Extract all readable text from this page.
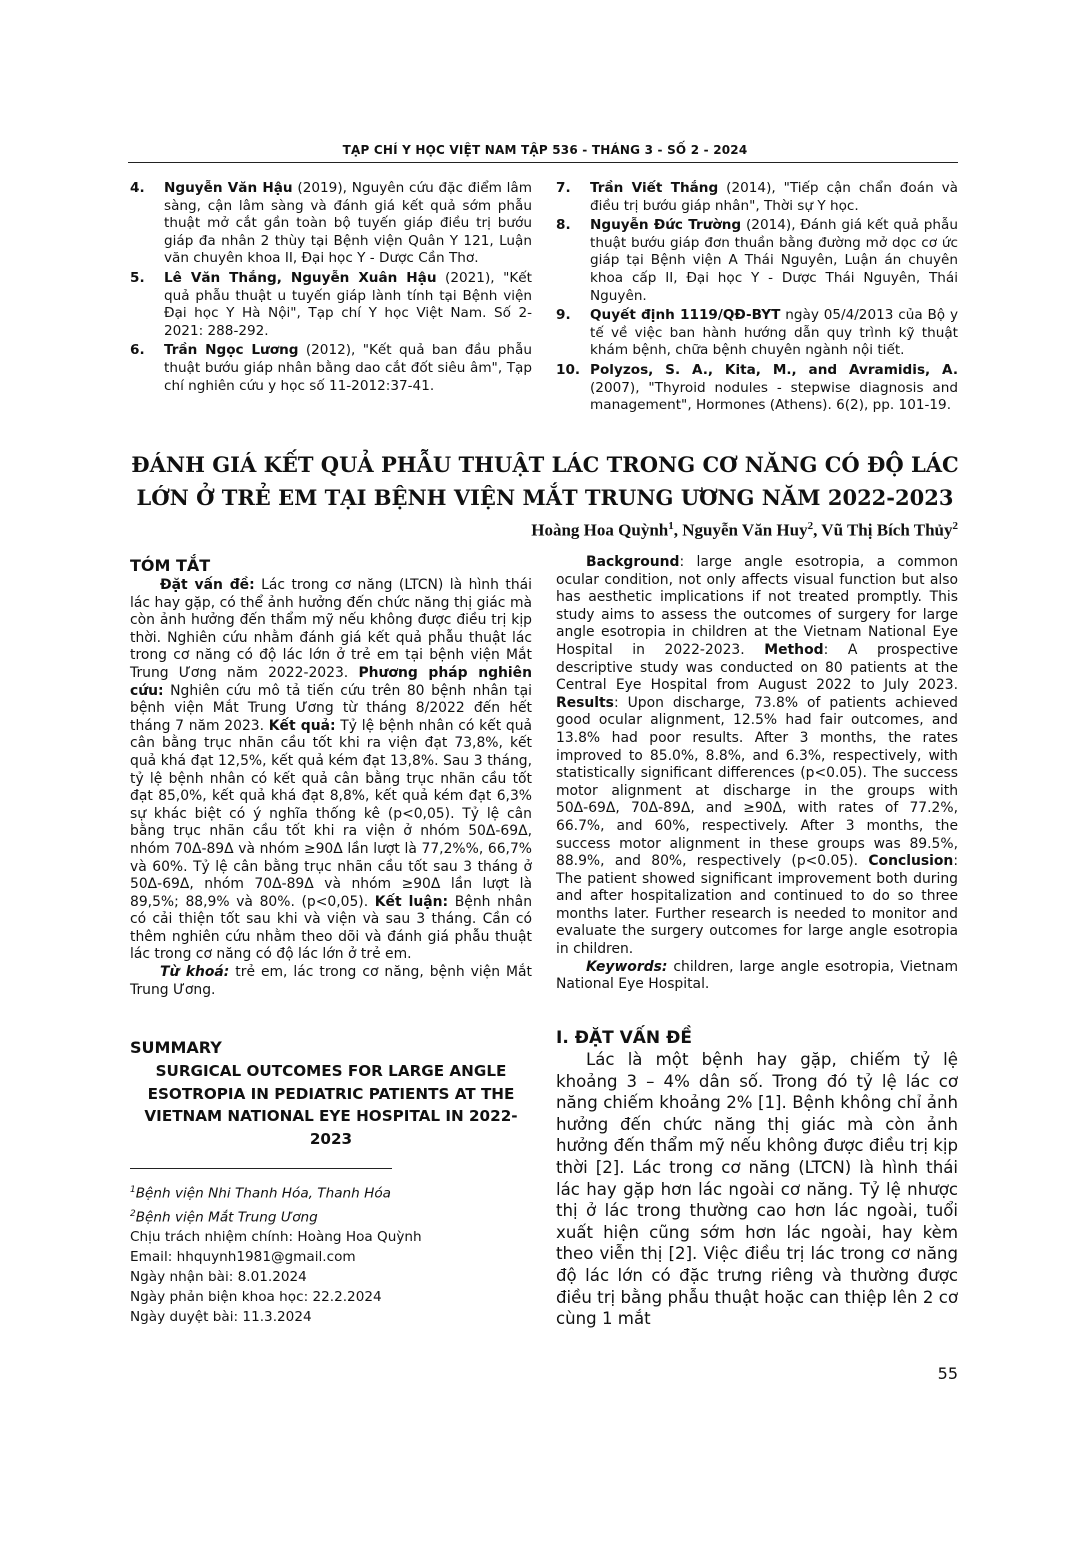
TẠP CHÍ Y HỌC VIỆT NAM TẬP 536 - THÁNG 3 - SỐ 2 - 2024
4. Nguyễn Văn Hậu (2019), Nguyên cứu đặc điểm lâm sàng, cận lâm sàng và đánh giá kết quả sớm phẫu thuật mở cắt gần toàn bộ tuyến giáp điều trị bướu giáp đa nhân 2 thùy tại Bệnh viện Quân Y 121, Luận văn chuyên khoa II, Đại học Y - Dược Cần Thơ.
5. Lê Văn Thắng, Nguyễn Xuân Hậu (2021), "Kết quả phẫu thuật u tuyến giáp lành tính tại Bệnh viện Đại học Y Hà Nội", Tạp chí Y học Việt Nam. Số 2-2021: 288-292.
6. Trần Ngọc Lương (2012), "Kết quả ban đầu phẫu thuật bướu giáp nhân bằng dao cắt đốt siêu âm", Tạp chí nghiên cứu y học số 11-2012:37-41.
7. Trần Viết Thắng (2014), "Tiếp cận chẩn đoán và điều trị bướu giáp nhân", Thời sự Y học.
8. Nguyễn Đức Trường (2014), Đánh giá kết quả phẫu thuật bướu giáp đơn thuần bằng đường mở dọc cơ ức giáp tại Bệnh viện A Thái Nguyên, Luận án chuyên khoa cấp II, Đại học Y - Dược Thái Nguyên, Thái Nguyên.
9. Quyết định 1119/QĐ-BYT ngày 05/4/2013 của Bộ y tế về việc ban hành hướng dẫn quy trình kỹ thuật khám bệnh, chữa bệnh chuyên ngành nội tiết.
10. Polyzos, S. A., Kita, M., and Avramidis, A. (2007), "Thyroid nodules - stepwise diagnosis and management", Hormones (Athens). 6(2), pp. 101-19.
ĐÁNH GIÁ KẾT QUẢ PHẪU THUẬT LÁC TRONG CƠ NĂNG CÓ ĐỘ LÁC
LỚN Ở TRẺ EM TẠI BỆNH VIỆN MẮT TRUNG ƯƠNG NĂM 2022-2023
Hoàng Hoa Quỳnh$^1$, Nguyễn Văn Huy$^2$, Vũ Thị Bích Thủy$^2$
TÓM TẮT

Đặt vấn đề: Lác trong cơ năng (LTCN) là hình thái lác hay gặp, có thể ảnh hưởng đến chức năng thị giác mà còn ảnh hưởng đến thẩm mỹ nếu không được điều trị kịp thời. Nghiên cứu nhằm đánh giá kết quả phẫu thuật lác trong cơ năng có độ lác lớn ở trẻ em tại bệnh viện Mắt Trung Ương năm 2022-2023. Phương pháp nghiên cứu: Nghiên cứu mô tả tiến cứu trên 80 bệnh nhân tại bệnh viện Mắt Trung Ương từ tháng 8/2022 đến hết tháng 7 năm 2023. Kết quả: Tỷ lệ bệnh nhân có kết quả cân bằng trục nhãn cầu tốt khi ra viện đạt 73,8%, kết quả khá đạt 12,5%, kết quả kém đạt 13,8%. Sau 3 tháng, tỷ lệ bệnh nhân có kết quả cân bằng trục nhãn cầu tốt đạt 85,0%, kết quả khá đạt 8,8%, kết quả kém đạt 6,3% sự khác biệt có ý nghĩa thống kê (p<0,05). Tỷ lệ cân bằng trục nhãn cầu tốt khi ra viện ở nhóm 50Δ-69Δ, nhóm 70Δ-89Δ và nhóm ≥90Δ lần lượt là 77,2%%, 66,7% và 60%. Tỷ lệ cân bằng trục nhãn cầu tốt sau 3 tháng ở 50Δ-69Δ, nhóm 70Δ-89Δ và nhóm ≥90Δ lần lượt là 89,5%; 88,9% và 80%. (p<0,05). Kết luận: Bệnh nhân có cải thiện tốt sau khi và viện và sau 3 tháng. Cần có thêm nghiên cứu nhằm theo dõi và đánh giá phẫu thuật lác trong cơ năng có độ lác lớn ở trẻ em.

Từ khoá: trẻ em, lác trong cơ năng, bệnh viện Mắt Trung Ương.

SUMMARY
SURGICAL OUTCOMES FOR LARGE ANGLE ESOTROPIA IN PEDIATRIC PATIENTS AT THE VIETNAM NATIONAL EYE HOSPITAL IN 2022-2023
$^1$Bệnh viện Nhi Thanh Hóa, Thanh Hóa
$^2$Bệnh viện Mắt Trung Ương
Chịu trách nhiệm chính: Hoàng Hoa Quỳnh
Email: hhquynh1981@gmail.com
Ngày nhận bài: 8.01.2024
Ngày phản biện khoa học: 22.2.2024
Ngày duyệt bài: 11.3.2024

Background: large angle esotropia, a common ocular condition, not only affects visual function but also has aesthetic implications if not treated promptly. This study aims to assess the outcomes of surgery for large angle esotropia in children at the Vietnam National Eye Hospital in 2022-2023. Method: A prospective descriptive study was conducted on 80 patients at the Central Eye Hospital from August 2022 to July 2023. Results: Upon discharge, 73.8% of patients achieved good ocular alignment, 12.5% had fair outcomes, and 13.8% had poor results. After 3 months, the rates improved to 85.0%, 8.8%, and 6.3%, respectively, with statistically significant differences (p<0.05). The success motor alignment at discharge in the groups with 50Δ-69Δ, 70Δ-89Δ, and ≥90Δ, with rates of 77.2%, 66.7%, and 60%, respectively. After 3 months, the success motor alignment in these groups was 89.5%, 88.9%, and 80%, respectively (p<0.05). Conclusion: The patient showed significant improvement both during and after hospitalization and continued to do so three months later. Further research is needed to monitor and evaluate the surgery outcomes for large angle esotropia in children.

Keywords: children, large angle esotropia, Vietnam National Eye Hospital.

I. ĐẶT VẤN ĐỀ

Lác là một bệnh hay gặp, chiếm tỷ lệ khoảng 3 – 4% dân số. Trong đó tỷ lệ lác cơ năng chiếm khoảng 2% [1]. Bệnh không chỉ ảnh hưởng đến chức năng thị giác mà còn ảnh hưởng đến thẩm mỹ nếu không được điều trị kịp thời [2]. Lác trong cơ năng (LTCN) là hình thái lác hay gặp hơn lác ngoài cơ năng. Tỷ lệ nhược thị ở lác trong thường cao hơn lác ngoài, tuổi xuất hiện cũng sớm hơn lác ngoài, hay kèm theo viễn thị [2]. Việc điều trị lác trong cơ năng độ lác lớn có đặc trưng riêng và thường được điều trị bằng phẫu thuật hoặc can thiệp lên 2 cơ cùng 1 mắt

55
